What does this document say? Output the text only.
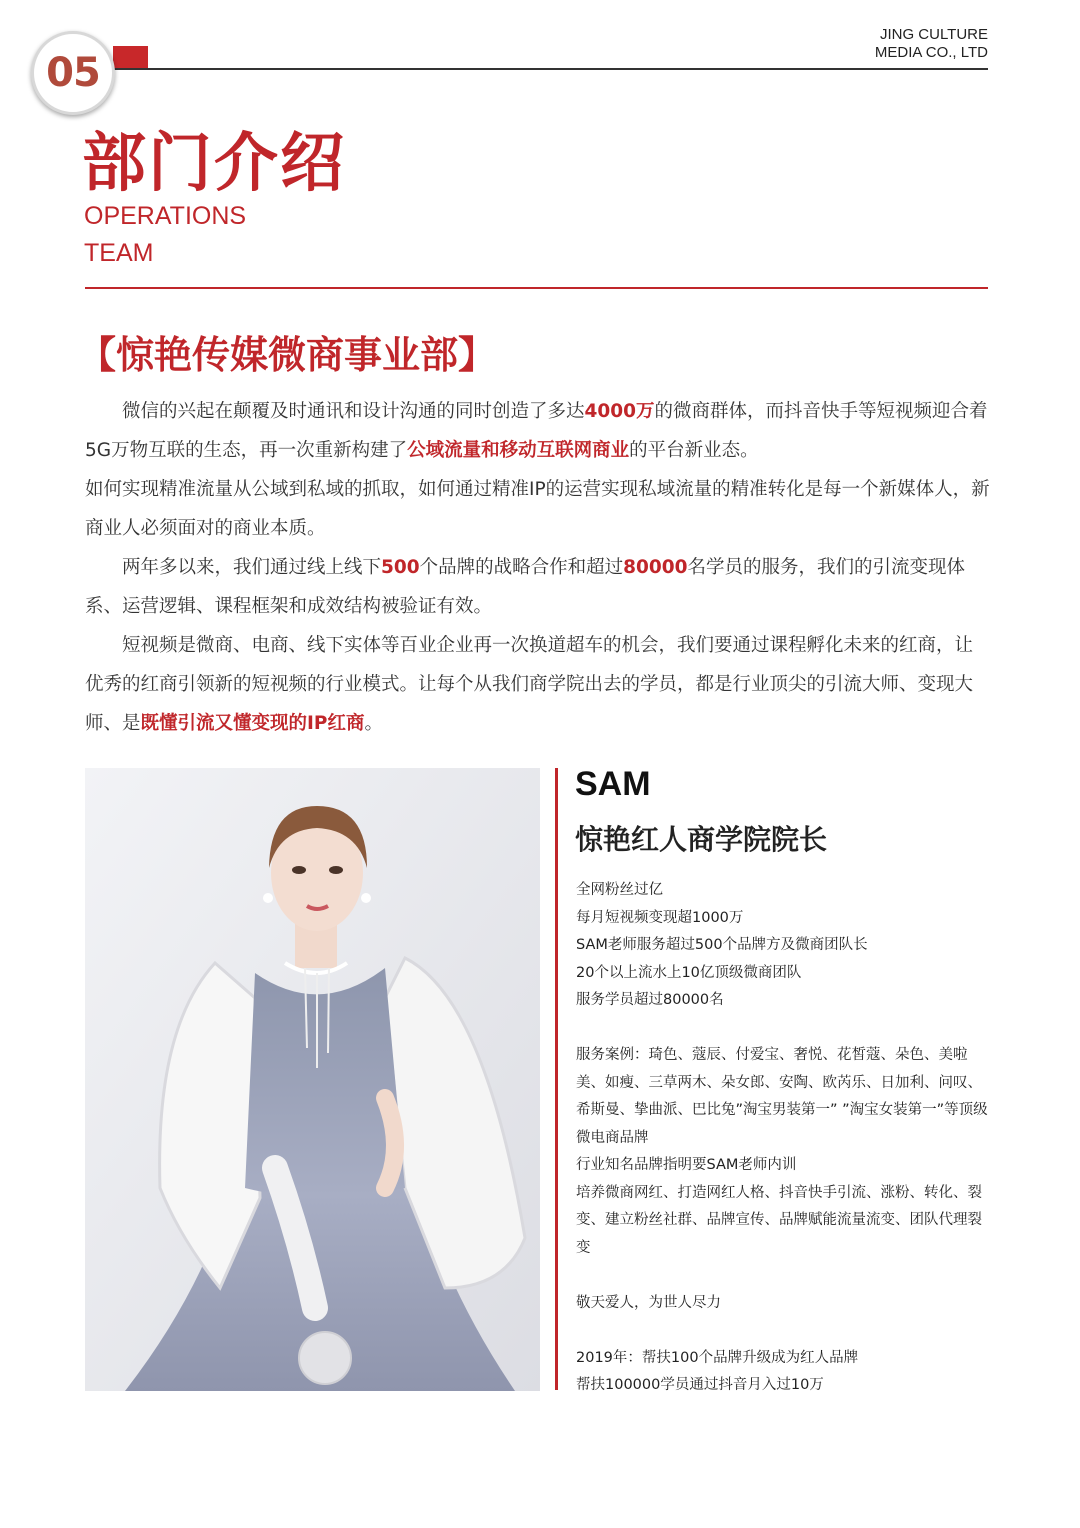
05
JING CULTURE
MEDIA CO., LTD
部门介绍
OPERATIONS
TEAM
【惊艳传媒微商事业部】

微信的兴起在颠覆及时通讯和设计沟通的同时创造了多达4000万的微商群体，而抖音快手等短视频迎合着5G万物互联的生态，再一次重新构建了公域流量和移动互联网商业的平台新业态。

如何实现精准流量从公域到私域的抓取，如何通过精准IP的运营实现私域流量的精准转化是每一个新媒体人，新商业人必须面对的商业本质。

两年多以来，我们通过线上线下500个品牌的战略合作和超过80000名学员的服务，我们的引流变现体系、运营逻辑、课程框架和成效结构被验证有效。

短视频是微商、电商、线下实体等百业企业再一次换道超车的机会，我们要通过课程孵化未来的红商，让优秀的红商引领新的短视频的行业模式。让每个从我们商学院出去的学员，都是行业顶尖的引流大师、变现大师、是既懂引流又懂变现的IP红商。

SAM
惊艳红人商学院院长

全网粉丝过亿

每月短视频变现超1000万

SAM老师服务超过500个品牌方及微商团队长

20个以上流水上10亿顶级微商团队

服务学员超过80000名

服务案例：琦色、蔻辰、付爱宝、奢悦、花皙蔻、朵色、美啦美、如瘦、三草两木、朵女郎、安陶、欧芮乐、日加利、问叹、希斯曼、挚曲派、巴比兔”淘宝男装第一” ”淘宝女装第一”等顶级微电商品牌

行业知名品牌指明要SAM老师内训

培养微商网红、打造网红人格、抖音快手引流、涨粉、转化、裂变、建立粉丝社群、品牌宣传、品牌赋能流量流变、团队代理裂变

敬天爱人，为世人尽力

2019年：帮扶100个品牌升级成为红人品牌

帮扶100000学员通过抖音月入过10万
